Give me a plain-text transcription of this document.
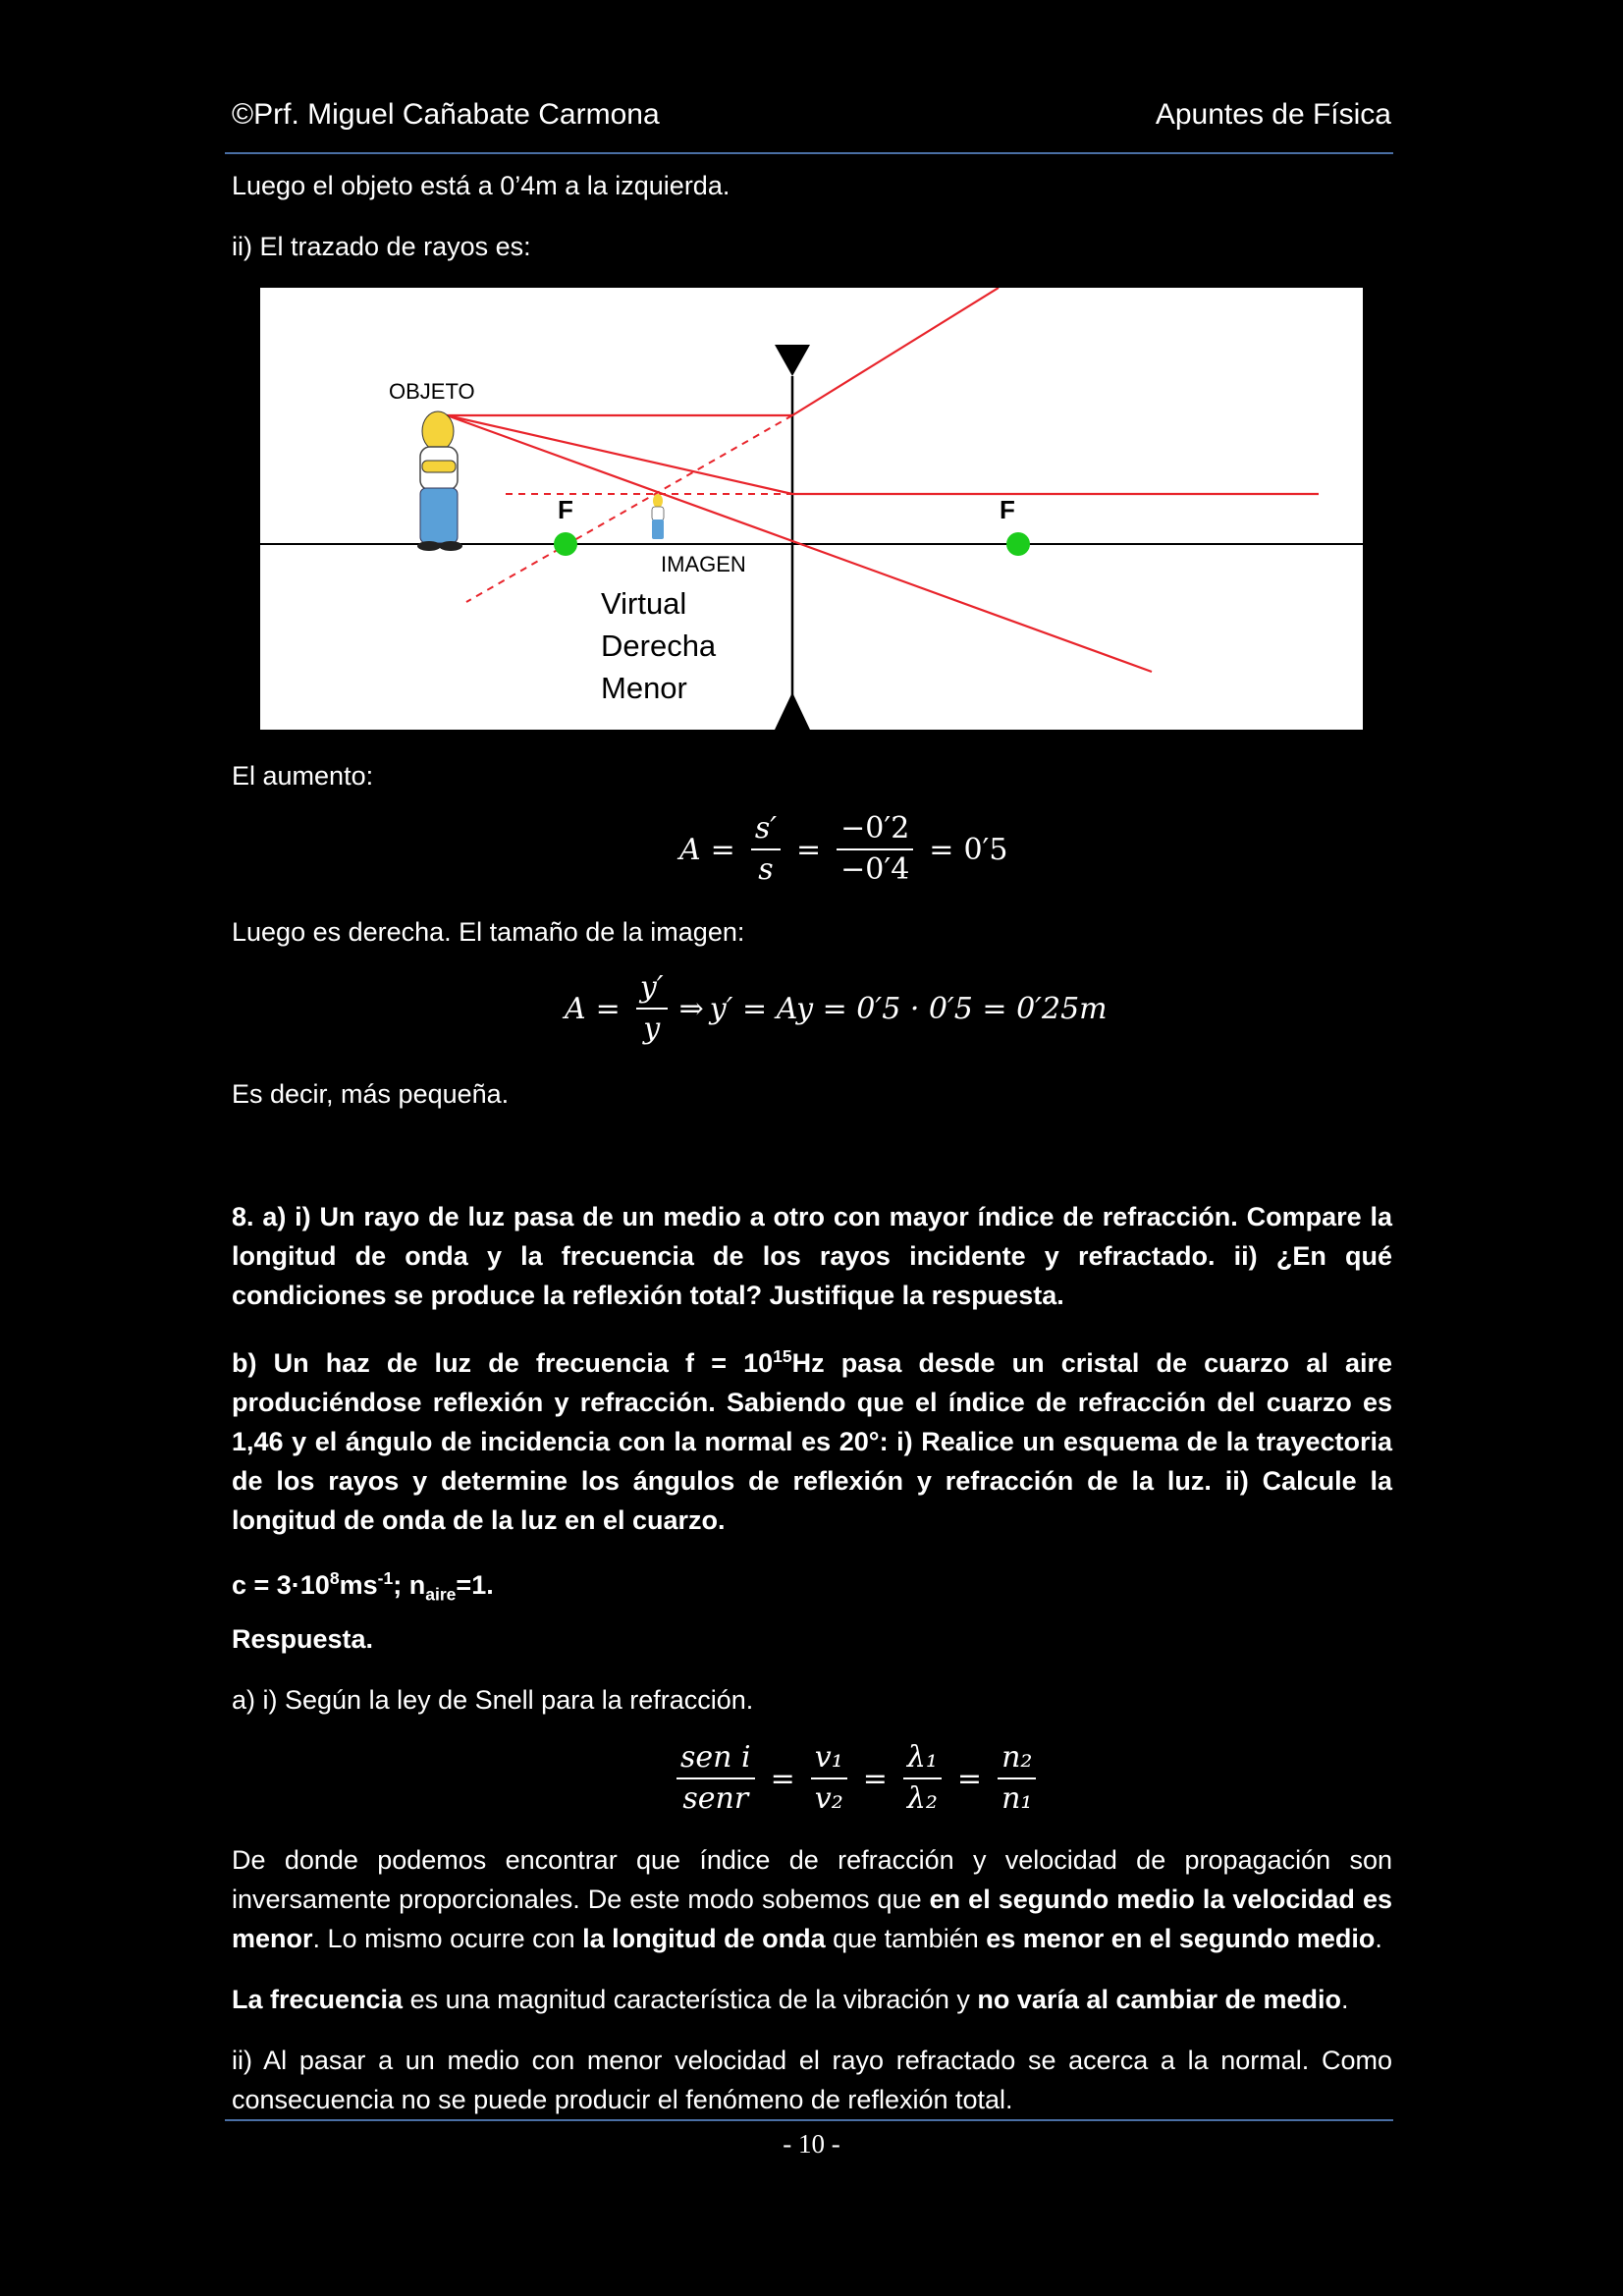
©Prf. Miguel Cañabate Carmona	Apuntes de Física

Luego el objeto está a 0’4m a la izquierda.

ii) El trazado de rayos es:

F	F
OBJETO
IMAGEN
Virtual
Derecha
Menor

El aumento:

$A = \frac{s'}{s} = \frac{-0'2}{-0'4} = 0'5$

Luego es derecha. El tamaño de la imagen:

$A = \frac{y'}{y}$ ⇒ y′ = Ay = 0′5 · 0′5 = 0′25m

Es decir, más pequeña.

8. a) i) Un rayo de luz pasa de un medio a otro con mayor índice de refracción. Compare la longitud de onda y la frecuencia de los rayos incidente y refractado. ii) ¿En qué condiciones se produce la reflexión total? Justifique la respuesta.

b) Un haz de luz de frecuencia $f = 10^{15}Hz$ pasa desde un cristal de cuarzo al aire produciéndose reflexión y refracción. Sabiendo que el índice de refracción del cuarzo es 1,46 y el ángulo de incidencia con la normal es 20°: i) Realice un esquema de la trayectoria de los rayos y determine los ángulos de reflexión y refracción de la luz. ii) Calcule la longitud de onda de la luz en el cuarzo.

$c = 3\cdot 10^8ms^{-1}$; $n_{aire}=1$.

Respuesta.

a) i) Según la ley de Snell para la refracción.

$\frac{\text{sen i}}{\text{senr}} = \frac{\text{v₁}}{\text{v₂}} = \frac{\text{λ₁}}{\text{λ₂}} = \frac{\text{n₂}}{\text{n₁}}$

De donde podemos encontrar que índice de refracción y velocidad de propagación son inversamente proporcionales. De este modo sobemos que en el segundo medio la velocidad es menor. Lo mismo ocurre con la longitud de onda que también es menor en el segundo medio.

La frecuencia es una magnitud característica de la vibración y no varía al cambiar de medio.

ii) Al pasar a un medio con menor velocidad el rayo refractado se acerca a la normal. Como consecuencia no se puede producir el fenómeno de reflexión total.

- 10 -
